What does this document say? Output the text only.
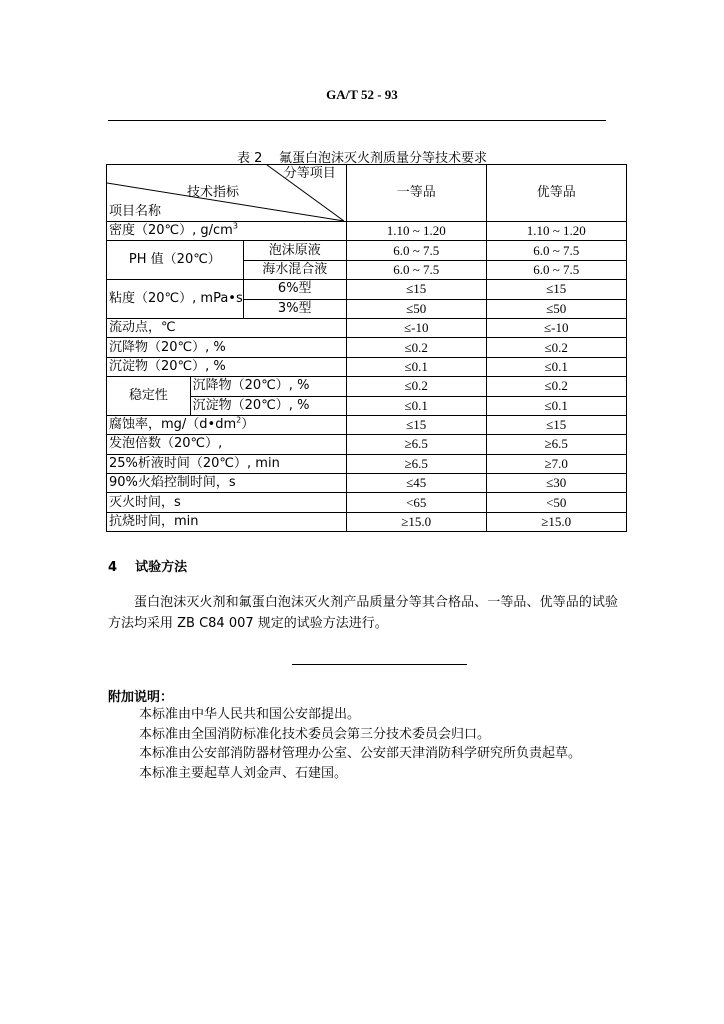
GA/T 52 - 93
表 2    氟蛋白泡沫灭火剂质量分等技术要求
分等项目
技术指标
项目名称			一等品	优等品
密度（20℃）, $g/cm^3$			1.10 ~ 1.20	1.10 ~ 1.20
PH 值（20℃）		泡沫原液	6.0 ~ 7.5	6.0 ~ 7.5
		海水混合液	6.0 ~ 7.5	6.0 ~ 7.5
粘度（20℃）, mPa•s		6%型	≤15	≤15
		3%型	≤50	≤50
流动点，℃			≤-10	≤-10
沉降物（20℃）, %			≤0.2	≤0.2
沉淀物（20℃）, %			≤0.1	≤0.1
稳定性	沉降物（20℃）, %		≤0.2	≤0.2
	沉淀物（20℃）, %		≤0.1	≤0.1
腐蚀率，$mg/(d•dm^2)$			≤15	≤15
发泡倍数（20℃）,			≥6.5	≥6.5
25%析液时间（20℃）, min			≥6.5	≥7.0
90%火焰控制时间，s			≤45	≤30
灭火时间，s			<65	<50
抗烧时间，min			≥15.0	≥15.0
4    试验方法
蛋白泡沫灭火剂和氟蛋白泡沫灭火剂产品质量分等其合格品、一等品、优等品的试验方法均采用 ZB C84 007 规定的试验方法进行。
附加说明：

本标准由中华人民共和国公安部提出。

本标准由全国消防标准化技术委员会第三分技术委员会归口。

本标准由公安部消防器材管理办公室、公安部天津消防科学研究所负责起草。

本标准主要起草人刘金声、石建国。
